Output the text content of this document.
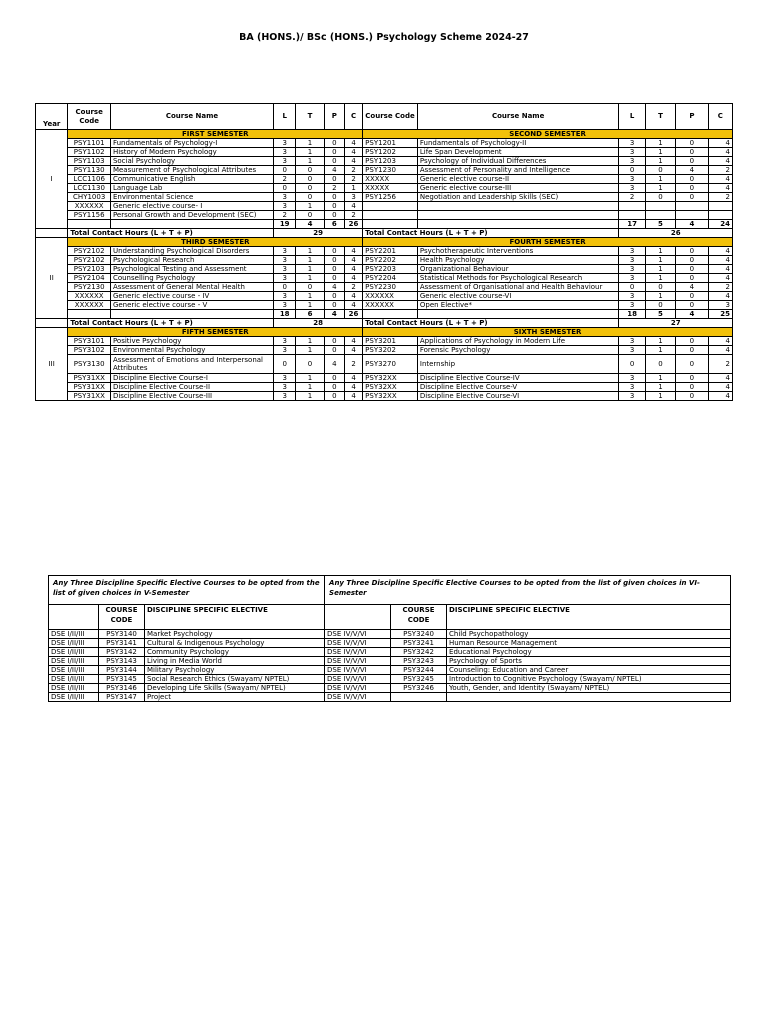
BA (HONS.)/ BSc (HONS.) Psychology Scheme 2024-27
Year	Course Code	Course Name	L	T	P	C	Course Code	Course Name	L	T	P	C
I	FIRST SEMESTER						SECOND SEMESTER					
	PSY1101	Fundamentals of Psychology-I	3	1	0	4	PSY1201	Fundamentals of Psychology-II	3	1	0	4
	PSY1102	History of Modern Psychology	3	1	0	4	PSY1202	Life Span Development	3	1	0	4
	PSY1103	Social Psychology	3	1	0	4	PSY1203	Psychology of Individual Differences	3	1	0	4
	PSY1130	Measurement of Psychological Attributes	0	0	4	2	PSY1230	Assessment of Personality and Intelligence	0	0	4	2
	LCC1106	Communicative English	2	0	0	2	XXXXX	Generic elective course-II	3	1	0	4
	LCC1130	Language Lab	0	0	2	1	XXXXX	Generic elective course-III	3	1	0	4
	CHY1003	Environmental Science	3	0	0	3	PSY1256	Negotiation and Leadership Skills (SEC)	2	0	0	2
	XXXXXX	Generic elective course- I	3	1	0	4						
	PSY1156	Personal Growth and Development (SEC)	2	0	0	2						
			19	4	6	26			17	5	4	24
	Total Contact Hours (L + T + P)		29				Total Contact Hours (L + T + P)		26			
II	THIRD SEMESTER						FOURTH SEMESTER					
	PSY2102	Understanding Psychological Disorders	3	1	0	4	PSY2201	Psychotherapeutic Interventions	3	1	0	4
	PSY2102	Psychological Research	3	1	0	4	PSY2202	Health Psychology	3	1	0	4
	PSY2103	Psychological Testing and Assessment	3	1	0	4	PSY2203	Organizational Behaviour	3	1	0	4
	PSY2104	Counselling Psychology	3	1	0	4	PSY2204	Statistical Methods for Psychological Research	3	1	0	4
	PSY2130	Assessment of General Mental Health	0	0	4	2	PSY2230	Assessment of Organisational and Health Behaviour	0	0	4	2
	XXXXXX	Generic elective course - IV	3	1	0	4	XXXXXX	Generic elective course-VI	3	1	0	4
	XXXXXX	Generic elective course - V	3	1	0	4	XXXXXX	Open Elective*	3	0	0	3
			18	6	4	26			18	5	4	25
	Total Contact Hours (L + T + P)		28				Total Contact Hours (L + T + P)		27			
III	FIFTH SEMESTER						SIXTH SEMESTER					
	PSY3101	Positive Psychology	3	1	0	4	PSY3201	Applications of Psychology in Modern Life	3	1	0	4
	PSY3102	Environmental Psychology	3	1	0	4	PSY3202	Forensic Psychology	3	1	0	4
	PSY3130	Assessment of Emotions and Interpersonal Attributes	0	0	4	2	PSY3270	Internship	0	0	0	2
	PSY31XX	Discipline Elective Course-I	3	1	0	4	PSY32XX	Discipline Elective Course-IV	3	1	0	4
	PSY31XX	Discipline Elective Course-II	3	1	0	4	PSY32XX	Discipline Elective Course-V	3	1	0	4
	PSY31XX	Discipline Elective Course-III	3	1	0	4	PSY32XX	Discipline Elective Course-VI	3	1	0	4
Any Three Discipline Specific Elective Courses to be opted from the list of given choices in V-Semester			Any Three Discipline Specific Elective Courses to be opted from the list of given choices in VI-Semester		
	COURSE CODE	DISCIPLINE SPECIFIC ELECTIVE		COURSE CODE	DISCIPLINE SPECIFIC ELECTIVE
DSE I/II/III	PSY3140	Market Psychology	DSE IV/V/VI	PSY3240	Child Psychopathology
DSE I/II/III	PSY3141	Cultural & Indigenous Psychology	DSE IV/V/VI	PSY3241	Human Resource Management
DSE I/II/III	PSY3142	Community Psychology	DSE IV/V/VI	PSY3242	Educational Psychology
DSE I/II/III	PSY3143	Living in Media World	DSE IV/V/VI	PSY3243	Psychology of Sports
DSE I/II/III	PSY3144	Military Psychology	DSE IV/V/VI	PSY3244	Counseling: Education and Career
DSE I/II/III	PSY3145	Social Research Ethics (Swayam/ NPTEL)	DSE IV/V/VI	PSY3245	Introduction to Cognitive Psychology (Swayam/ NPTEL)
DSE I/II/III	PSY3146	Developing Life Skills (Swayam/ NPTEL)	DSE IV/V/VI	PSY3246	Youth, Gender, and Identity (Swayam/ NPTEL)
DSE I/II/III	PSY3147	Project	DSE IV/V/VI		
